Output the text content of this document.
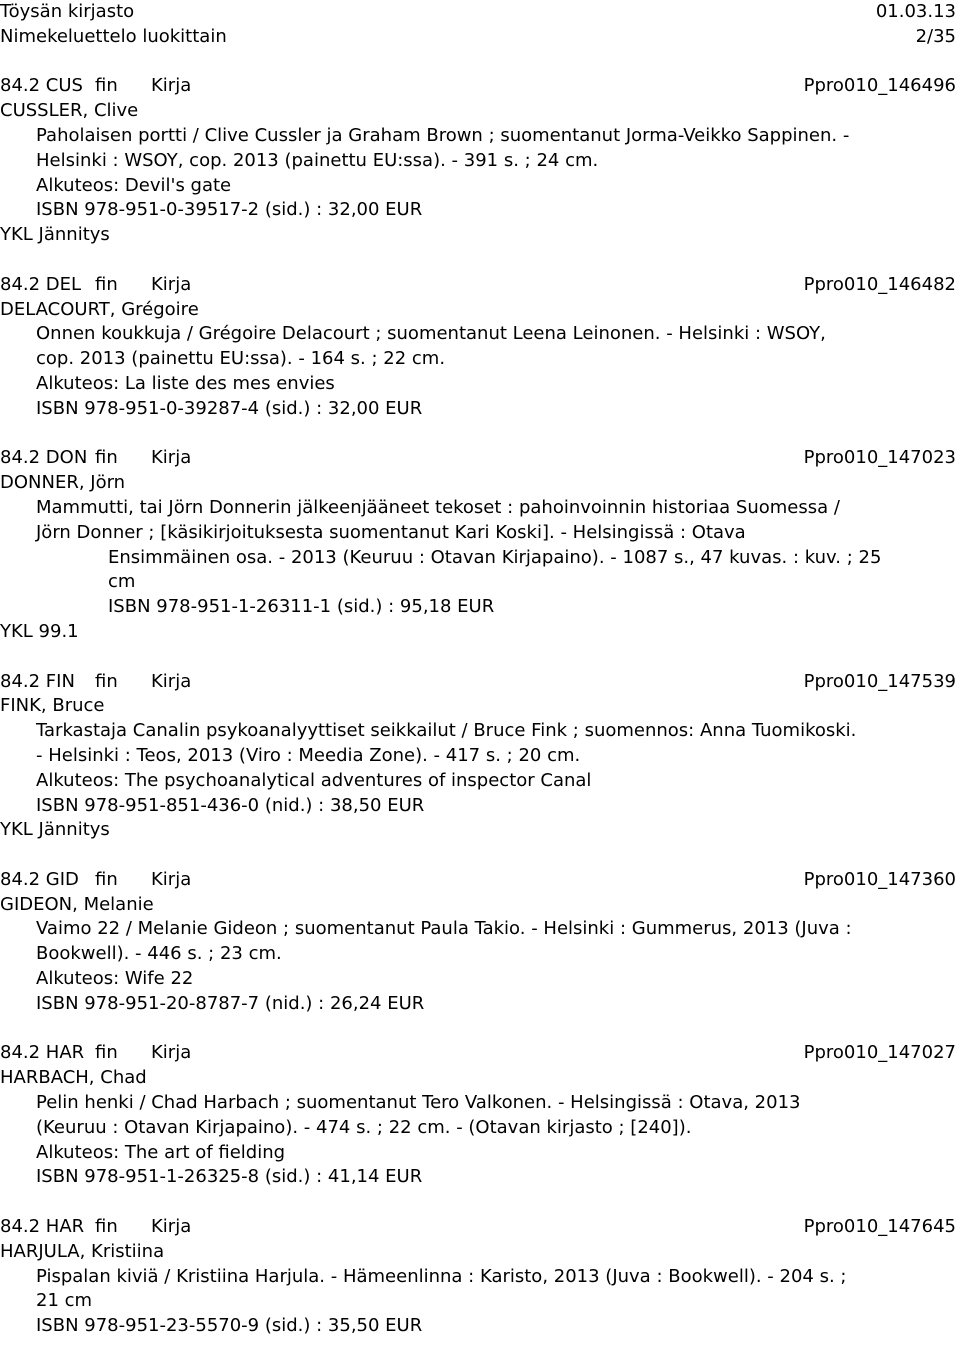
Töysän kirjasto	01.03.13
Nimekeluettelo luokittain	2/35
84.2 CUS fin Kirja	Ppro010_146496
CUSSLER, Clive
Paholaisen portti / Clive Cussler ja Graham Brown ; suomentanut Jorma-Veikko Sappinen. -
Helsinki : WSOY, cop. 2013 (painettu EU:ssa). - 391 s. ; 24 cm.
Alkuteos: Devil's gate
ISBN 978-951-0-39517-2 (sid.) : 32,00 EUR
YKL Jännitys
84.2 DEL fin Kirja	Ppro010_146482
DELACOURT, Grégoire
Onnen koukkuja / Grégoire Delacourt ; suomentanut Leena Leinonen. - Helsinki : WSOY,
cop. 2013 (painettu EU:ssa). - 164 s. ; 22 cm.
Alkuteos: La liste des mes envies
ISBN 978-951-0-39287-4 (sid.) : 32,00 EUR
84.2 DON fin Kirja	Ppro010_147023
DONNER, Jörn
Mammutti, tai Jörn Donnerin jälkeenjääneet tekoset : pahoinvoinnin historiaa Suomessa /
Jörn Donner ; [käsikirjoituksesta suomentanut Kari Koski]. - Helsingissä : Otava
Ensimmäinen osa. - 2013 (Keuruu : Otavan Kirjapaino). - 1087 s., 47 kuvas. : kuv. ; 25
cm
ISBN 978-951-1-26311-1 (sid.) : 95,18 EUR
YKL 99.1
84.2 FIN fin Kirja	Ppro010_147539
FINK, Bruce
Tarkastaja Canalin psykoanalyyttiset seikkailut / Bruce Fink ; suomennos: Anna Tuomikoski.
- Helsinki : Teos, 2013 (Viro : Meedia Zone). - 417 s. ; 20 cm.
Alkuteos: The psychoanalytical adventures of inspector Canal
ISBN 978-951-851-436-0 (nid.) : 38,50 EUR
YKL Jännitys
84.2 GID fin Kirja	Ppro010_147360
GIDEON, Melanie
Vaimo 22 / Melanie Gideon ; suomentanut Paula Takio. - Helsinki : Gummerus, 2013 (Juva :
Bookwell). - 446 s. ; 23 cm.
Alkuteos: Wife 22
ISBN 978-951-20-8787-7 (nid.) : 26,24 EUR
84.2 HAR fin Kirja	Ppro010_147027
HARBACH, Chad
Pelin henki / Chad Harbach ; suomentanut Tero Valkonen. - Helsingissä : Otava, 2013
(Keuruu : Otavan Kirjapaino). - 474 s. ; 22 cm. - (Otavan kirjasto ; [240]).
Alkuteos: The art of fielding
ISBN 978-951-1-26325-8 (sid.) : 41,14 EUR
84.2 HAR fin Kirja	Ppro010_147645
HARJULA, Kristiina
Pispalan kiviä / Kristiina Harjula. - Hämeenlinna : Karisto, 2013 (Juva : Bookwell). - 204 s. ;
21 cm
ISBN 978-951-23-5570-9 (sid.) : 35,50 EUR
